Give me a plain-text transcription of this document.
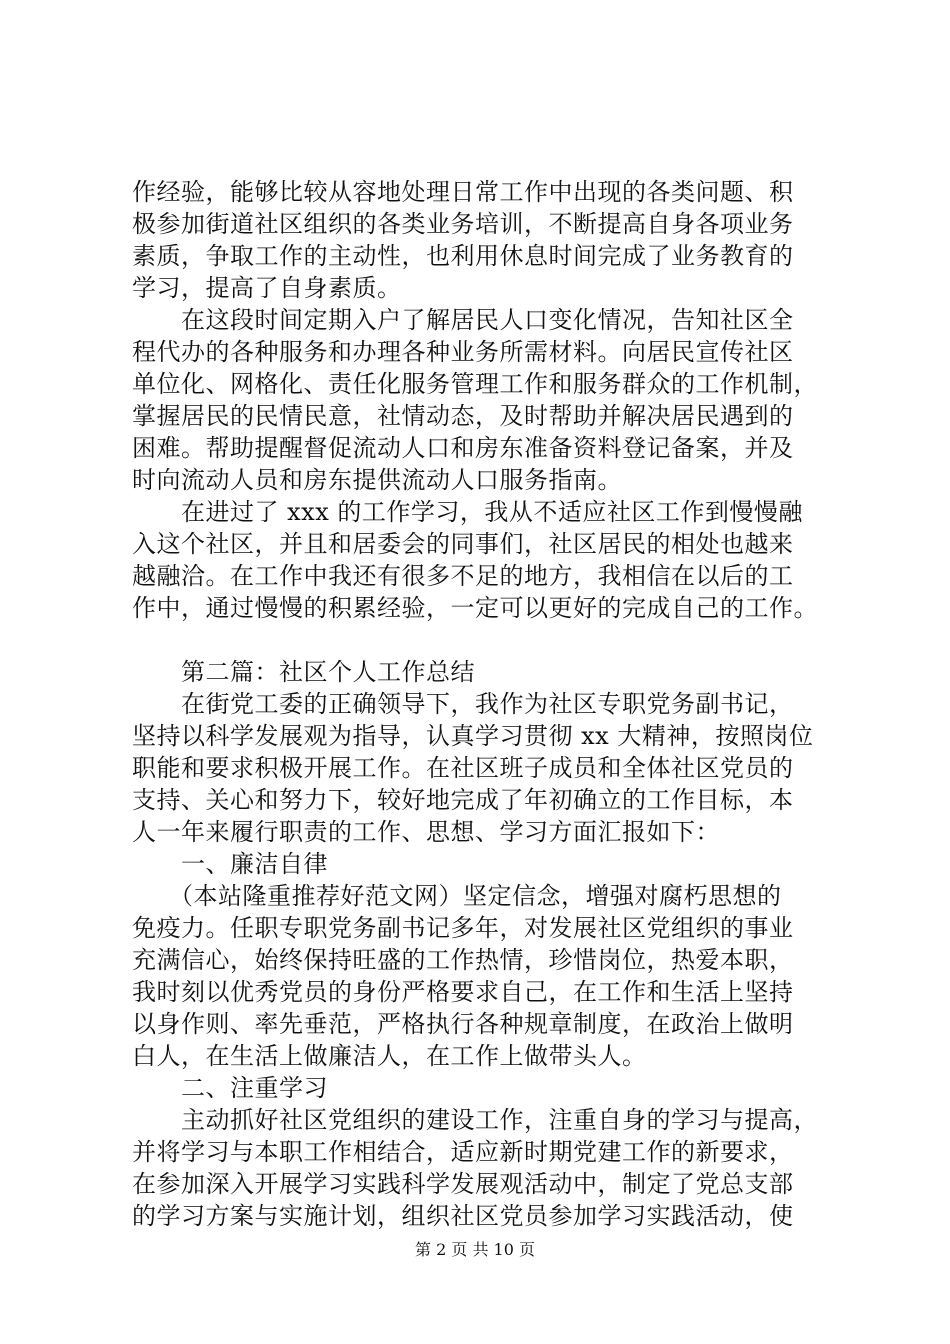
作经验，能够比较从容地处理日常工作中出现的各类问题、积
极参加街道社区组织的各类业务培训，不断提高自身各项业务
素质，争取工作的主动性，也利用休息时间完成了业务教育的
学习，提高了自身素质。
　　在这段时间定期入户了解居民人口变化情况，告知社区全
程代办的各种服务和办理各种业务所需材料。向居民宣传社区
单位化、网格化、责任化服务管理工作和服务群众的工作机制，
掌握居民的民情民意，社情动态，及时帮助并解决居民遇到的
困难。帮助提醒督促流动人口和房东准备资料登记备案，并及
时向流动人员和房东提供流动人口服务指南。
　　在进过了 xxx 的工作学习，我从不适应社区工作到慢慢融
入这个社区，并且和居委会的同事们，社区居民的相处也越来
越融洽。在工作中我还有很多不足的地方，我相信在以后的工
作中，通过慢慢的积累经验，一定可以更好的完成自己的工作。
　　第二篇：社区个人工作总结
　　在街党工委的正确领导下，我作为社区专职党务副书记，
坚持以科学发展观为指导，认真学习贯彻 xx 大精神，按照岗位
职能和要求积极开展工作。在社区班子成员和全体社区党员的
支持、关心和努力下，较好地完成了年初确立的工作目标，本
人一年来履行职责的工作、思想、学习方面汇报如下：
　　一、廉洁自律
　　（本站隆重推荐好范文网）坚定信念，增强对腐朽思想的
免疫力。任职专职党务副书记多年，对发展社区党组织的事业
充满信心，始终保持旺盛的工作热情，珍惜岗位，热爱本职，
我时刻以优秀党员的身份严格要求自己，在工作和生活上坚持
以身作则、率先垂范，严格执行各种规章制度，在政治上做明
白人，在生活上做廉洁人，在工作上做带头人。
　　二、注重学习
　　主动抓好社区党组织的建设工作，注重自身的学习与提高，
并将学习与本职工作相结合，适应新时期党建工作的新要求，
在参加深入开展学习实践科学发展观活动中，制定了党总支部
的学习方案与实施计划，组织社区党员参加学习实践活动，使
第 2 页 共 10 页
